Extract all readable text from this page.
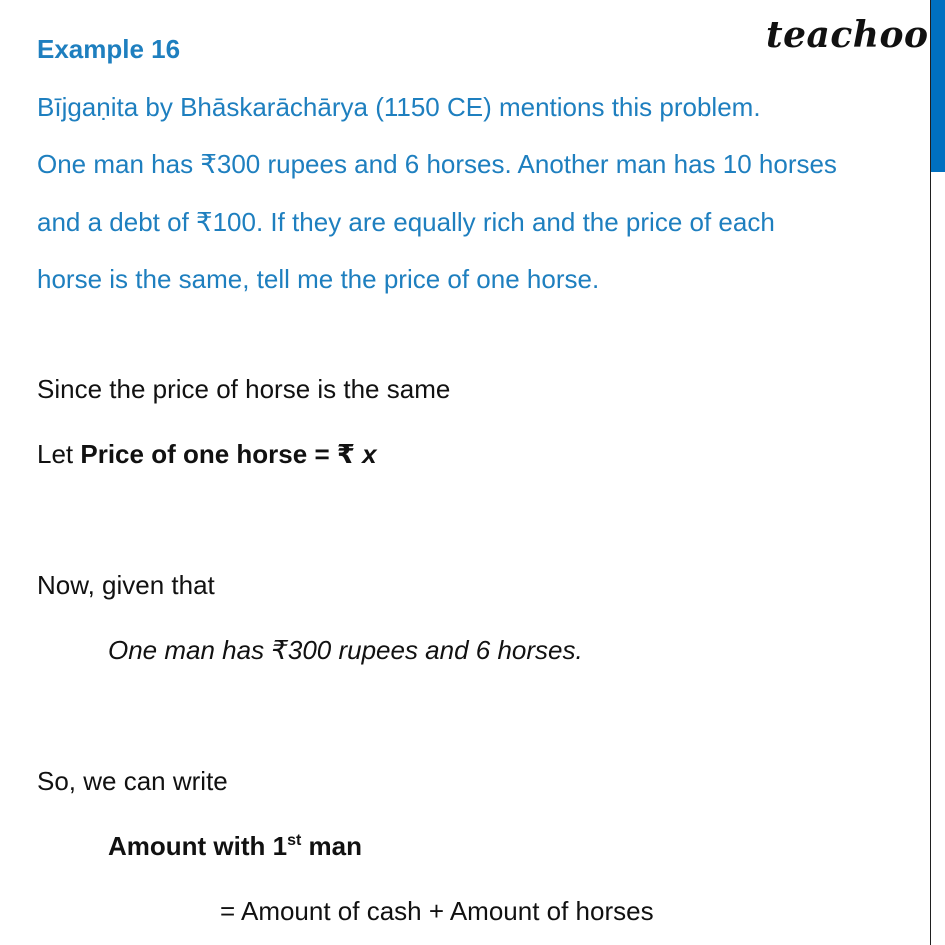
teachoo
Example 16
Bījgaṇita by Bhāskarāchārya (1150 CE) mentions this problem.
One man has ₹300 rupees and 6 horses. Another man has 10 horses
and a debt of ₹100. If they are equally rich and the price of each
horse is the same, tell me the price of one horse.
Since the price of horse is the same
Let Price of one horse = ₹ x
Now, given that
One man has ₹300 rupees and 6 horses.
So, we can write
Amount with 1st man
= Amount of cash + Amount of horses
